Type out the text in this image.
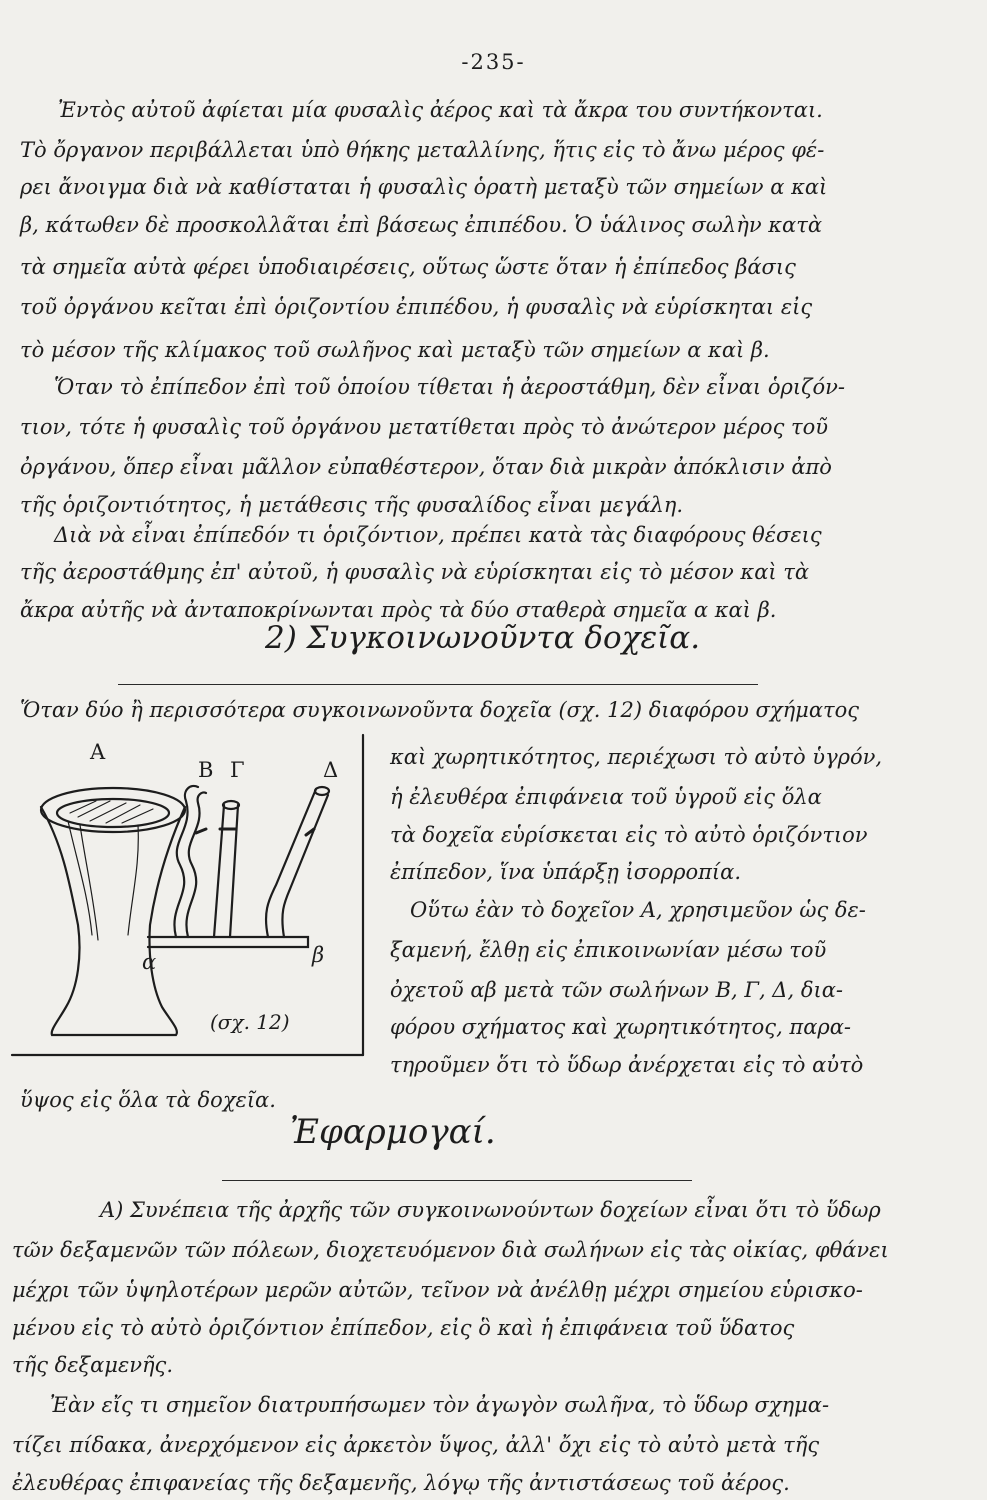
-235-
Ἐντὸς αὐτοῦ ἀφίεται μία φυσαλὶς ἀέρος καὶ τὰ ἄκρα του συντήκονται.
Τὸ ὄργανον περιβάλλεται ὑπὸ θήκης μεταλλίνης, ἥτις εἰς τὸ ἄνω μέρος φέ-
ρει ἄνοιγμα διὰ νὰ καθίσταται ἡ φυσαλὶς ὁρατὴ μεταξὺ τῶν σημείων α καὶ
β, κάτωθεν δὲ προσκολλᾶται ἐπὶ βάσεως ἐπιπέδου. Ὁ ὑάλινος σωλὴν κατὰ
τὰ σημεῖα αὐτὰ φέρει ὑποδιαιρέσεις, οὕτως ὥστε ὅταν ἡ ἐπίπεδος βάσις
τοῦ ὀργάνου κεῖται ἐπὶ ὁριζοντίου ἐπιπέδου, ἡ φυσαλὶς νὰ εὑρίσκηται εἰς
τὸ μέσον τῆς κλίμακος τοῦ σωλῆνος καὶ μεταξὺ τῶν σημείων α καὶ β.
Ὅταν τὸ ἐπίπεδον ἐπὶ τοῦ ὁποίου τίθεται ἡ ἀεροστάθμη, δὲν εἶναι ὁριζόν-
τιον, τότε ἡ φυσαλὶς τοῦ ὀργάνου μετατίθεται πρὸς τὸ ἀνώτερον μέρος τοῦ
ὀργάνου, ὅπερ εἶναι μᾶλλον εὐπαθέστερον, ὅταν διὰ μικρὰν ἀπόκλισιν ἀπὸ
τῆς ὁριζοντιότητος, ἡ μετάθεσις τῆς φυσαλίδος εἶναι μεγάλη.
Διὰ νὰ εἶναι ἐπίπεδόν τι ὁριζόντιον, πρέπει κατὰ τὰς διαφόρους θέσεις
τῆς ἀεροστάθμης ἐπ' αὐτοῦ, ἡ φυσαλὶς νὰ εὑρίσκηται εἰς τὸ μέσον καὶ τὰ
ἄκρα αὐτῆς νὰ ἀνταποκρίνωνται πρὸς τὰ δύο σταθερὰ σημεῖα α καὶ β.
2) Συγκοινωνοῦντα δοχεῖα.
Ὅταν δύο ἢ περισσότερα συγκοινωνοῦντα δοχεῖα (σχ. 12) διαφόρου σχήματος
Α
Β Γ	Δ
α	β
(σχ. 12)
καὶ χωρητικότητος, περιέχωσι τὸ αὐτὸ ὑγρόν,
ἡ ἐλευθέρα ἐπιφάνεια τοῦ ὑγροῦ εἰς ὅλα
τὰ δοχεῖα εὑρίσκεται εἰς τὸ αὐτὸ ὁριζόντιον
ἐπίπεδον, ἵνα ὑπάρξῃ ἰσορροπία.
Οὕτω ἐὰν τὸ δοχεῖον Α, χρησιμεῦον ὡς δε-
ξαμενή, ἔλθῃ εἰς ἐπικοινωνίαν μέσω τοῦ
ὀχετοῦ αβ μετὰ τῶν σωλήνων Β, Γ, Δ, δια-
φόρου σχήματος καὶ χωρητικότητος, παρα-
τηροῦμεν ὅτι τὸ ὕδωρ ἀνέρχεται εἰς τὸ αὐτὸ
ὕψος εἰς ὅλα τὰ δοχεῖα.
Ἐφαρμογαί.
Α) Συνέπεια τῆς ἀρχῆς τῶν συγκοινωνούντων δοχείων εἶναι ὅτι τὸ ὕδωρ
τῶν δεξαμενῶν τῶν πόλεων, διοχετευόμενον διὰ σωλήνων εἰς τὰς οἰκίας, φθάνει
μέχρι τῶν ὑψηλοτέρων μερῶν αὐτῶν, τεῖνον νὰ ἀνέλθῃ μέχρι σημείου εὑρισκο-
μένου εἰς τὸ αὐτὸ ὁριζόντιον ἐπίπεδον, εἰς ὃ καὶ ἡ ἐπιφάνεια τοῦ ὕδατος
τῆς δεξαμενῆς.
Ἐὰν εἴς τι σημεῖον διατρυπήσωμεν τὸν ἀγωγὸν σωλῆνα, τὸ ὕδωρ σχημα-
τίζει πίδακα, ἀνερχόμενον εἰς ἀρκετὸν ὕψος, ἀλλ' ὄχι εἰς τὸ αὐτὸ μετὰ τῆς
ἐλευθέρας ἐπιφανείας τῆς δεξαμενῆς, λόγῳ τῆς ἀντιστάσεως τοῦ ἀέρος.
